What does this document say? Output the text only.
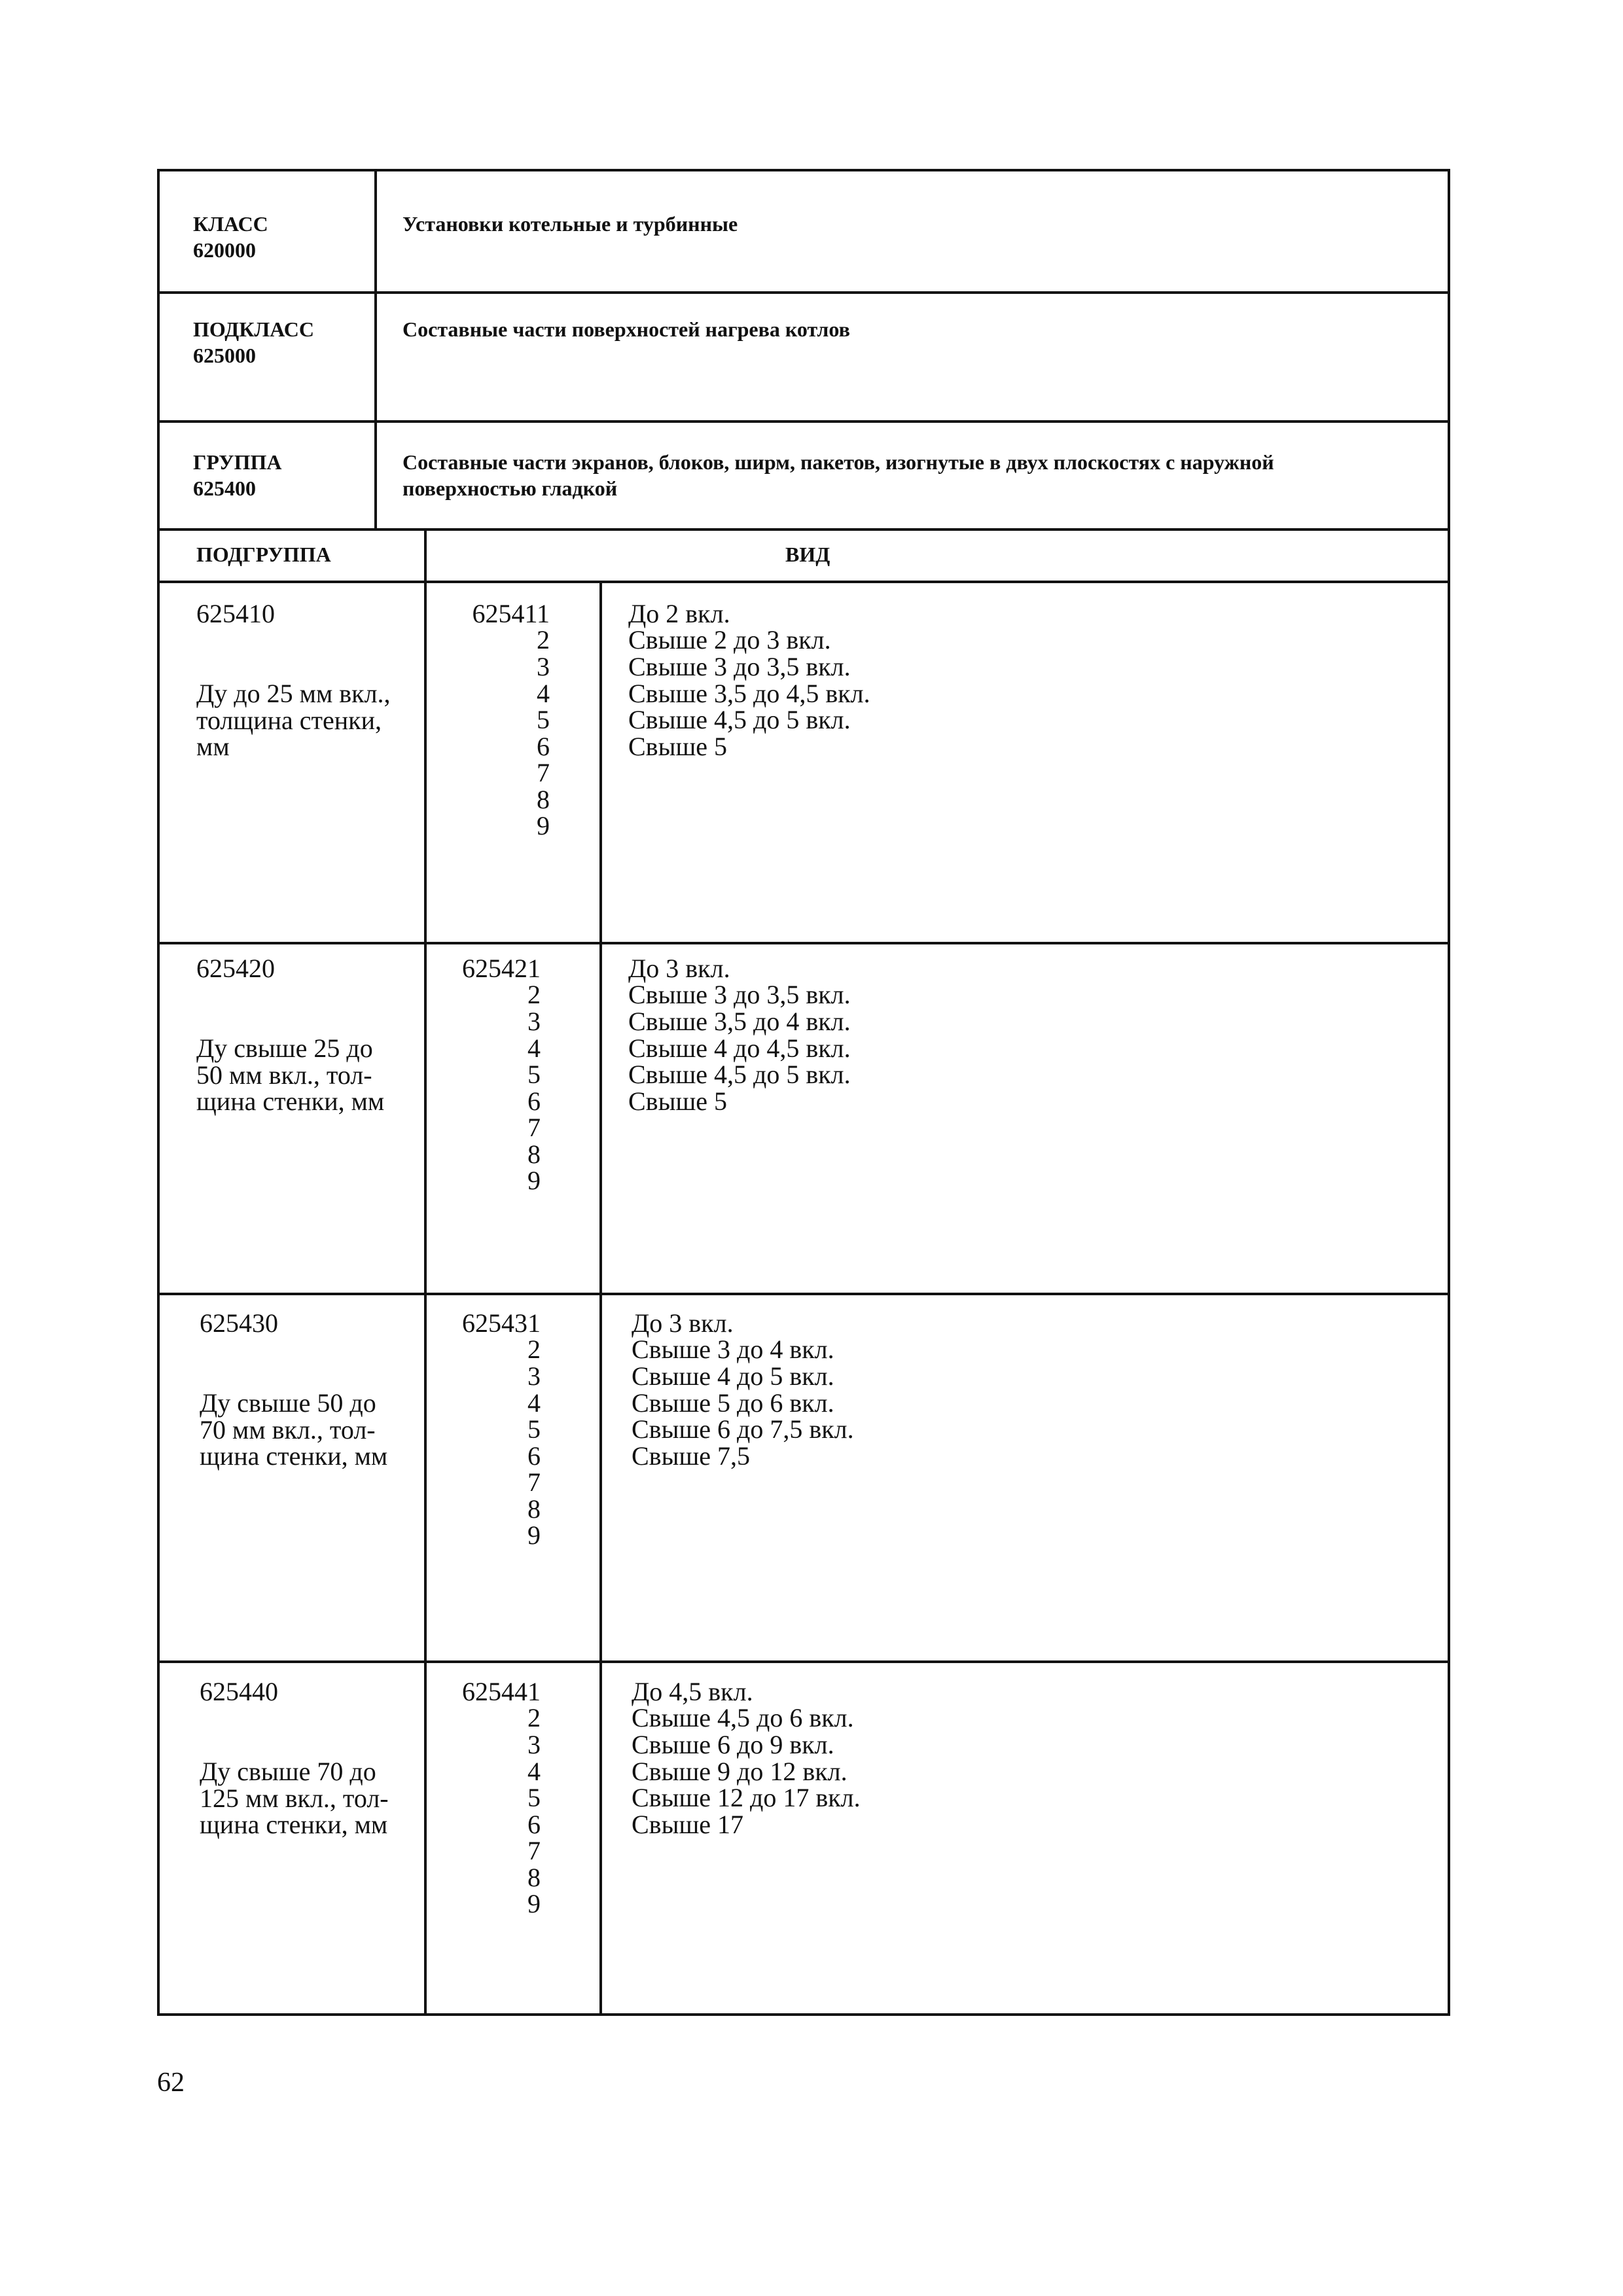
КЛАСС
620000
Установки котельные и турбинные
ПОДКЛАСС
625000
Составные части поверхностей нагрева котлов
ГРУППА
625400
Составные части экранов, блоков, ширм, пакетов, изогнутые в двух плоскостях с наружной
поверхностью гладкой
ПОДГРУППА	ВИД
625410
Ду до 25 мм вкл.,
толщина стенки,
мм
625411
2
3
4
5
6
7
8
9
До 2 вкл.
Свыше 2 до 3 вкл.
Свыше 3 до 3,5 вкл.
Свыше 3,5 до 4,5 вкл.
Свыше 4,5 до 5 вкл.
Свыше 5
625420
Ду свыше 25 до
50 мм вкл., тол-
щина стенки, мм
625421
2
3
4
5
6
7
8
9
До 3 вкл.
Свыше 3 до 3,5 вкл.
Свыше 3,5 до 4 вкл.
Свыше 4 до 4,5 вкл.
Свыше 4,5 до 5 вкл.
Свыше 5
625430
Ду свыше 50 до
70 мм вкл., тол-
щина стенки, мм
625431
2
3
4
5
6
7
8
9
До 3 вкл.
Свыше 3 до 4 вкл.
Свыше 4 до 5 вкл.
Свыше 5 до 6 вкл.
Свыше 6 до 7,5 вкл.
Свыше 7,5
625440
Ду свыше 70 до
125 мм вкл., тол-
щина стенки, мм
625441
2
3
4
5
6
7
8
9
До 4,5 вкл.
Свыше 4,5 до 6 вкл.
Свыше 6 до 9 вкл.
Свыше 9 до 12 вкл.
Свыше 12 до 17 вкл.
Свыше 17
62
